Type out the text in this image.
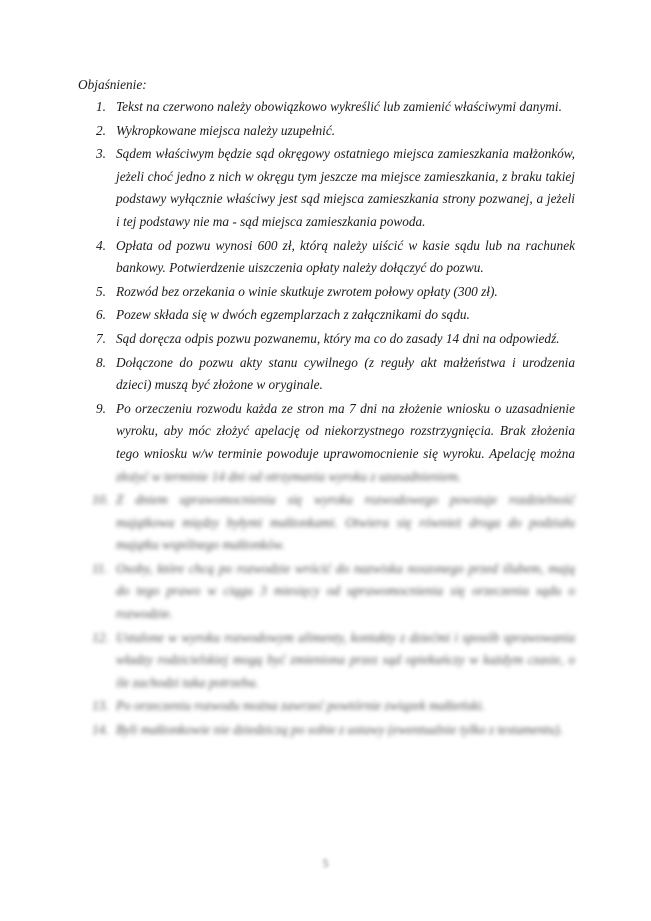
Objaśnienie:
1. Tekst na czerwono należy obowiązkowo wykreślić lub zamienić właściwymi danymi.
2. Wykropkowane miejsca należy uzupełnić.
3. Sądem właściwym będzie sąd okręgowy ostatniego miejsca zamieszkania małżonków, jeżeli choć jedno z nich w okręgu tym jeszcze ma miejsce zamieszkania, z braku takiej podstawy wyłącznie właściwy jest sąd miejsca zamieszkania strony pozwanej, a jeżeli i tej podstawy nie ma - sąd miejsca zamieszkania powoda.
4. Opłata od pozwu wynosi 600 zł, którą należy uiścić w kasie sądu lub na rachunek bankowy. Potwierdzenie uiszczenia opłaty należy dołączyć do pozwu.
5. Rozwód bez orzekania o winie skutkuje zwrotem połowy opłaty (300 zł).
6. Pozew składa się w dwóch egzemplarzach z załącznikami do sądu.
7. Sąd doręcza odpis pozwu pozwanemu, który ma co do zasady 14 dni na odpowiedź.
8. Dołączone do pozwu akty stanu cywilnego (z reguły akt małżeństwa i urodzenia dzieci) muszą być złożone w oryginale.
9. Po orzeczeniu rozwodu każda ze stron ma 7 dni na złożenie wniosku o uzasadnienie wyroku, aby móc złożyć apelację od niekorzystnego rozstrzygnięcia. Brak złożenia tego wniosku w/w terminie powoduje uprawomocnienie się wyroku. Apelację można złożyć w terminie 14 dni od otrzymania wyroku z uzasadnieniem.
10. Z dniem uprawomocnienia się wyroku rozwodowego powstaje rozdzielność majątkowa między byłymi małżonkami. Otwiera się również droga do podziału majątku wspólnego małżonków.
11. Osoby, które chcą po rozwodzie wrócić do nazwiska noszonego przed ślubem, mają do tego prawo w ciągu 3 miesięcy od uprawomocnienia się orzeczenia sądu o rozwodzie.
12. Ustalone w wyroku rozwodowym alimenty, kontakty z dziećmi i sposób sprawowania władzy rodzicielskiej mogą być zmieniona przez sąd opiekuńczy w każdym czasie, o ile zachodzi taka potrzeba.
13. Po orzeczeniu rozwodu można zawrzeć powtórnie związek małżeński.
14. Byli małżonkowie nie dziedziczą po sobie z ustawy (ewentualnie tylko z testamentu).
5
